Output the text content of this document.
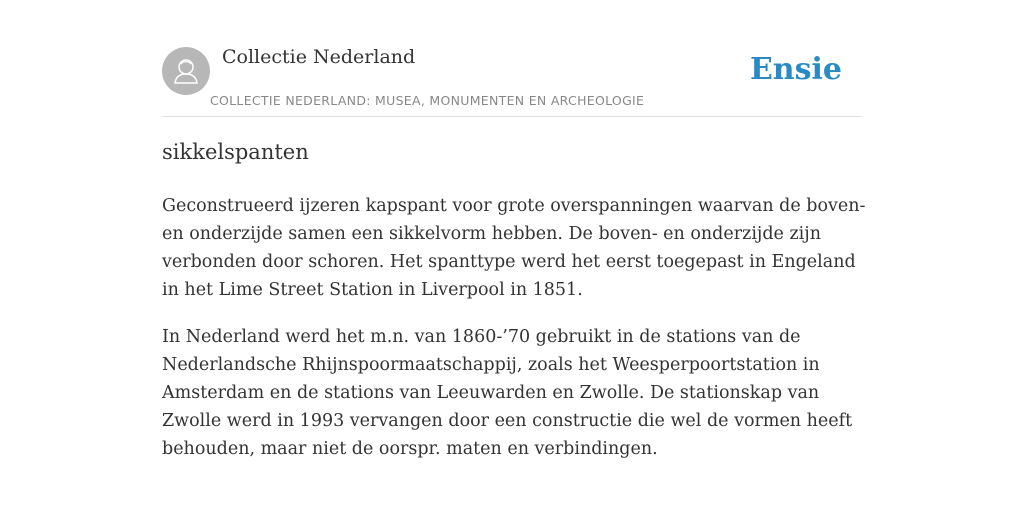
Collectie Nederland
COLLECTIE NEDERLAND: MUSEA, MONUMENTEN EN ARCHEOLOGIE
Ensie
sikkelspanten

Geconstrueerd ijzeren kapspant voor grote overspanningen waarvan de boven- en onderzijde samen een sikkelvorm hebben. De boven- en onderzijde zijn verbonden door schoren. Het spanttype werd het eerst toegepast in Engeland in het Lime Street Station in Liverpool in 1851.

In Nederland werd het m.n. van 1860-’70 gebruikt in de stations van de Nederlandsche Rhijnspoormaatschappij, zoals het Weesperpoortstation in Amsterdam en de stations van Leeuwarden en Zwolle. De stationskap van Zwolle werd in 1993 vervangen door een constructie die wel de vormen heeft behouden, maar niet de oorspr. maten en verbindingen.
